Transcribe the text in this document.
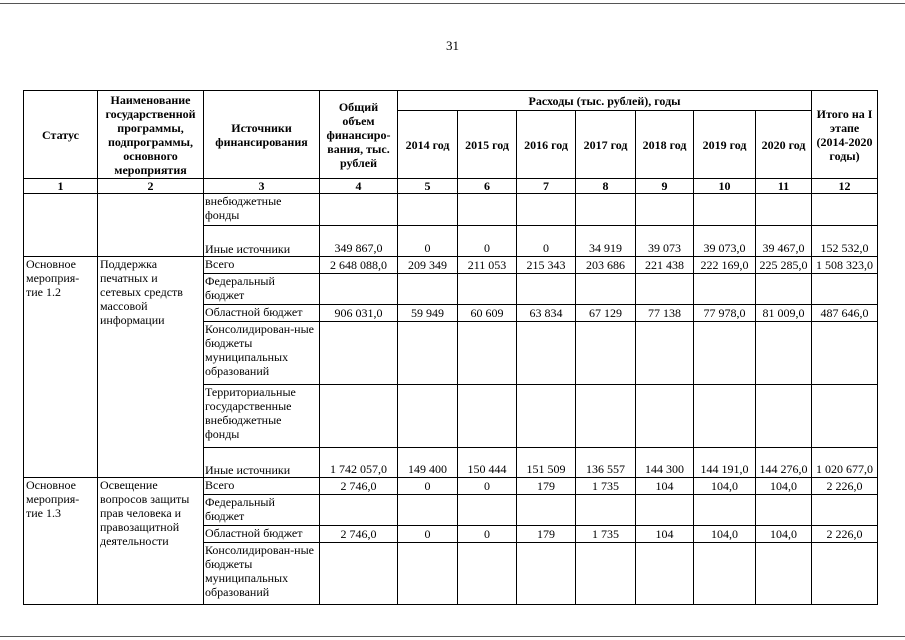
31
Статус	Наименование государственной программы, подпрограммы, основного мероприятия	Источники финансирования	Общий объем финансиро-вания, тыс. рублей	Расходы (тыс. рублей), годы							Итого на I этапе (2014-2020 годы)
				2014 год	2015 год	2016 год	2017 год	2018 год	2019 год	2020 год	
1	2	3	4	5	6	7	8	9	10	11	12
		внебюджетные фонды									
		Иные источники	349 867,0	0	0	0	34 919	39 073	39 073,0	39 467,0	152 532,0
Основное мероприя-тие 1.2	Поддержка печатных и сетевых средств массовой информации	Всего	2 648 088,0	209 349	211 053	215 343	203 686	221 438	222 169,0	225 285,0	1 508 323,0
		Федеральный бюджет									
		Областной бюджет	906 031,0	59 949	60 609	63 834	67 129	77 138	77 978,0	81 009,0	487 646,0
		Консолидирован-ные бюджеты муниципальных образований									
		Территориальные государственные внебюджетные фонды									
		Иные источники	1 742 057,0	149 400	150 444	151 509	136 557	144 300	144 191,0	144 276,0	1 020 677,0
Основное мероприя-тие 1.3	Освещение вопросов защиты прав человека и правозащитной деятельности	Всего	2 746,0	0	0	179	1 735	104	104,0	104,0	2 226,0
		Федеральный бюджет									
		Областной бюджет	2 746,0	0	0	179	1 735	104	104,0	104,0	2 226,0
		Консолидирован-ные бюджеты муниципальных образований									
